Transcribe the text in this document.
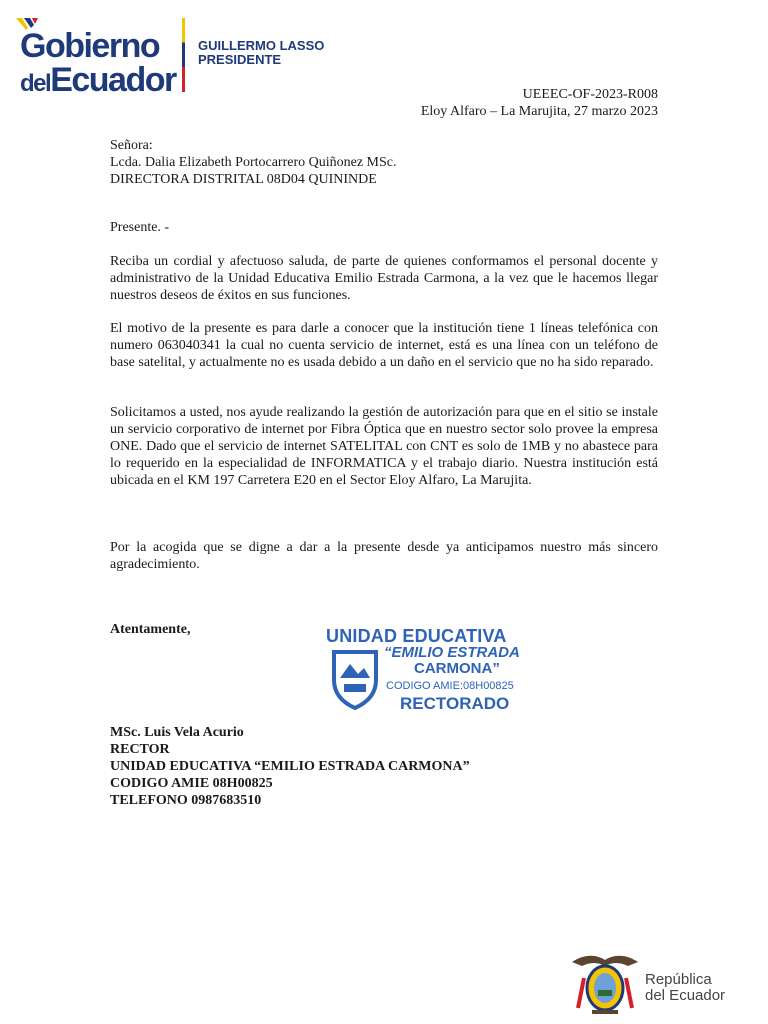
Gobierno
delEcuador
GUILLERMO LASSO
PRESIDENTE
UEEEC-OF-2023-R008
Eloy Alfaro – La Marujita, 27 marzo 2023
Señora:
Lcda. Dalia Elizabeth Portocarrero Quiñonez MSc.
DIRECTORA DISTRITAL 08D04 QUININDE
Presente. -

Reciba un cordial y afectuoso saluda, de parte de quienes conformamos el personal docente y administrativo de la Unidad Educativa Emilio Estrada Carmona, a la vez que le hacemos llegar nuestros deseos de éxitos en sus funciones.

El motivo de la presente es para darle a conocer que la institución tiene 1 líneas telefónica con numero 063040341 la cual no cuenta servicio de internet, está es una línea con un teléfono de base satelital, y actualmente no es usada debido a un daño en el servicio que no ha sido reparado.

Solicitamos a usted, nos ayude realizando la gestión de autorización para que en el sitio se instale un servicio corporativo de internet por Fibra Óptica que en nuestro sector solo provee la empresa ONE. Dado que el servicio de internet SATELITAL con CNT es solo de 1MB y no abastece para lo requerido en la especialidad de INFORMATICA y el trabajo diario. Nuestra institución está ubicada en el KM 197 Carretera E20 en el Sector Eloy Alfaro, La Marujita.

Por la acogida que se digne a dar a la presente desde ya anticipamos nuestro más sincero agradecimiento.

Atentamente,	UNIDAD EDUCATIVA
“EMILIO ESTRADA
CARMONA”
CODIGO AMIE:08H00825
RECTORADO
MSc. Luis Vela Acurio
RECTOR
UNIDAD EDUCATIVA “EMILIO ESTRADA CARMONA”
CODIGO AMIE 08H00825
TELEFONO 0987683510
República
del Ecuador
